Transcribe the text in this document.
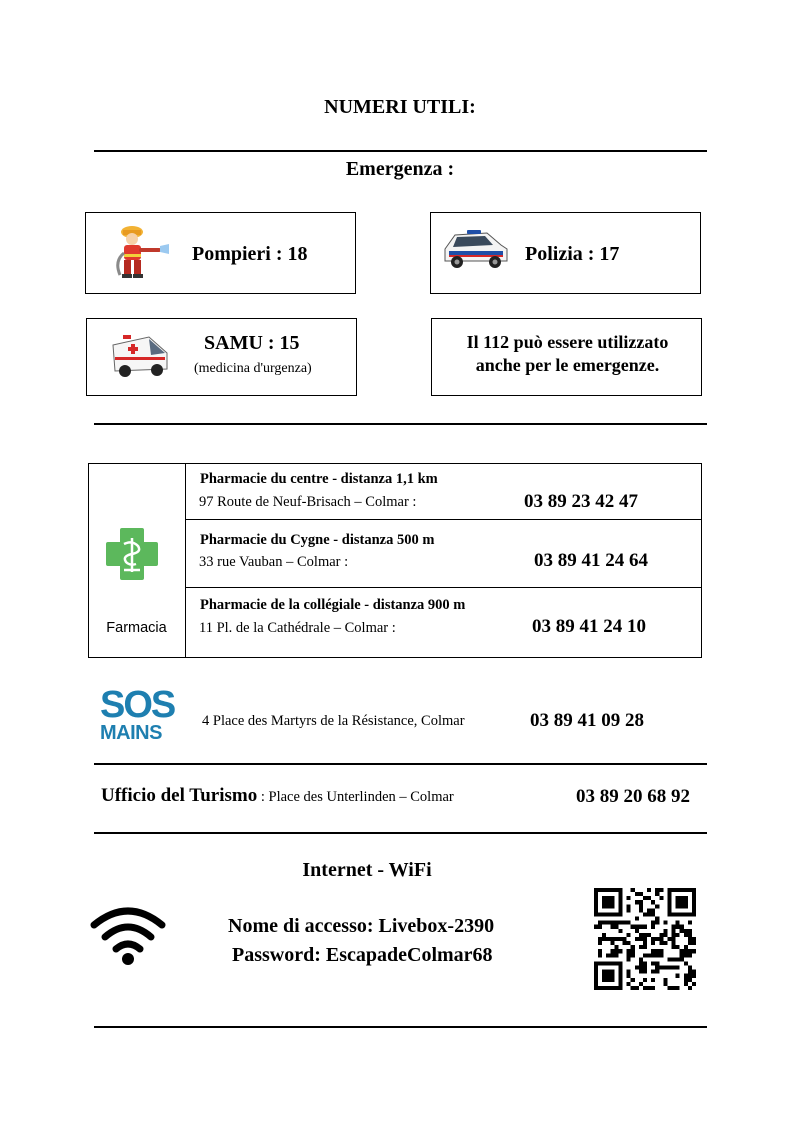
NUMERI UTILI:
Emergenza :
Pompieri : 18	Polizia : 17
SAMU : 15
(medicina d'urgenza)
Il 112 può essere utilizzato
anche per le emergenze.
Farmacia
Pharmacie du centre - distanza 1,1 km
97 Route de Neuf-Brisach – Colmar :	03 89 23 42 47
Pharmacie du Cygne - distanza 500 m
33 rue Vauban – Colmar :	03 89 41 24 64
Pharmacie de la collégiale - distanza 900 m
11 Pl. de la Cathédrale – Colmar :	03 89 41 24 10
SOS
MAINS
4 Place des Martyrs de la Résistance, Colmar	03 89 41 09 28
Ufficio del Turismo : Place des Unterlinden – Colmar	03 89 20 68 92
Internet - WiFi
Nome di accesso: Livebox-2390
Password: EscapadeColmar68
